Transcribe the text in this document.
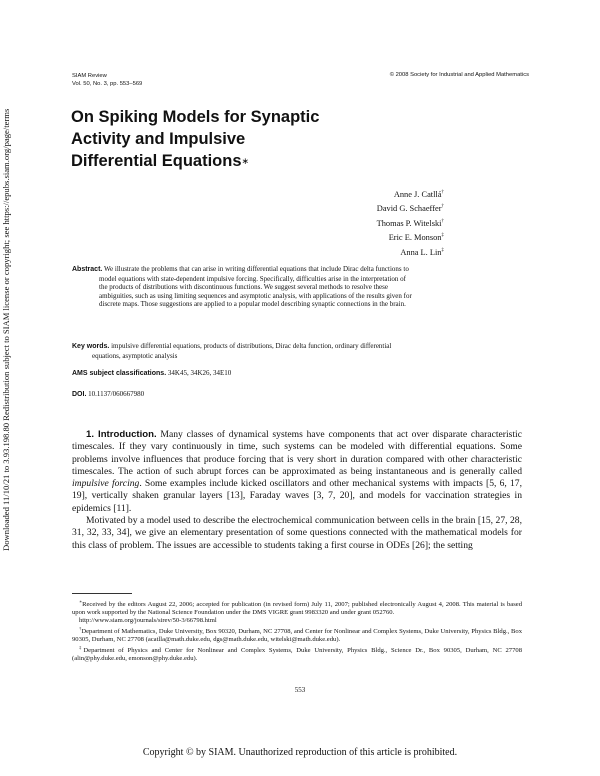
Downloaded 11/10/21 to 3.93.198.80 Redistribution subject to SIAM license or copyright; see https://epubs.siam.org/page/terms
SIAM Review
Vol. 50, No. 3, pp. 553–569
© 2008 Society for Industrial and Applied Mathematics
On Spiking Models for Synaptic
Activity and Impulsive
Differential Equations∗
Anne J. Catllá†
David G. Schaeffer†
Thomas P. Witelski†
Eric E. Monson‡
Anna L. Lin‡
Abstract. We illustrate the problems that can arise in writing differential equations that include Dirac delta functions to model equations with state-dependent impulsive forcing. Specifically, difficulties arise in the interpretation of the products of distributions with discontinuous functions. We suggest several methods to resolve these ambiguities, such as using limiting sequences and asymptotic analysis, with applications of the results given for discrete maps. Those suggestions are applied to a popular model describing synaptic connections in the brain.
Key words. impulsive differential equations, products of distributions, Dirac delta function, ordinary differential equations, asymptotic analysis
AMS subject classifications. 34K45, 34K26, 34E10
DOI. 10.1137/060667980

1. Introduction. Many classes of dynamical systems have components that act over disparate characteristic timescales. If they vary continuously in time, such systems can be modeled with differential equations. Some problems involve influences that produce forcing that is very short in duration compared with other characteristic timescales. The action of such abrupt forces can be approximated as being instantaneous and is generally called impulsive forcing. Some examples include kicked oscillators and other mechanical systems with impacts [5, 6, 17, 19], vertically shaken granular layers [13], Faraday waves [3, 7, 20], and models for vaccination strategies in epidemics [11].

Motivated by a model used to describe the electrochemical communication between cells in the brain [15, 27, 28, 31, 32, 33, 34], we give an elementary presentation of some questions connected with the mathematical models for this class of problem. The issues are accessible to students taking a first course in ODEs [26]; the setting

∗Received by the editors August 22, 2006; accepted for publication (in revised form) July 11, 2007; published electronically August 4, 2008. This material is based upon work supported by the National Science Foundation under the DMS VIGRE grant 9983320 and under grant 052760.

http://www.siam.org/journals/sirev/50-3/66798.html

†Department of Mathematics, Duke University, Box 90320, Durham, NC 27708, and Center for Nonlinear and Complex Systems, Duke University, Physics Bldg., Box 90305, Durham, NC 27708 (acatlla@math.duke.edu, dgs@math.duke.edu, witelski@math.duke.edu).

‡Department of Physics and Center for Nonlinear and Complex Systems, Duke University, Physics Bldg., Science Dr., Box 90305, Durham, NC 27708 (alin@phy.duke.edu, emonson@phy.duke.edu).

553
Copyright © by SIAM. Unauthorized reproduction of this article is prohibited.
